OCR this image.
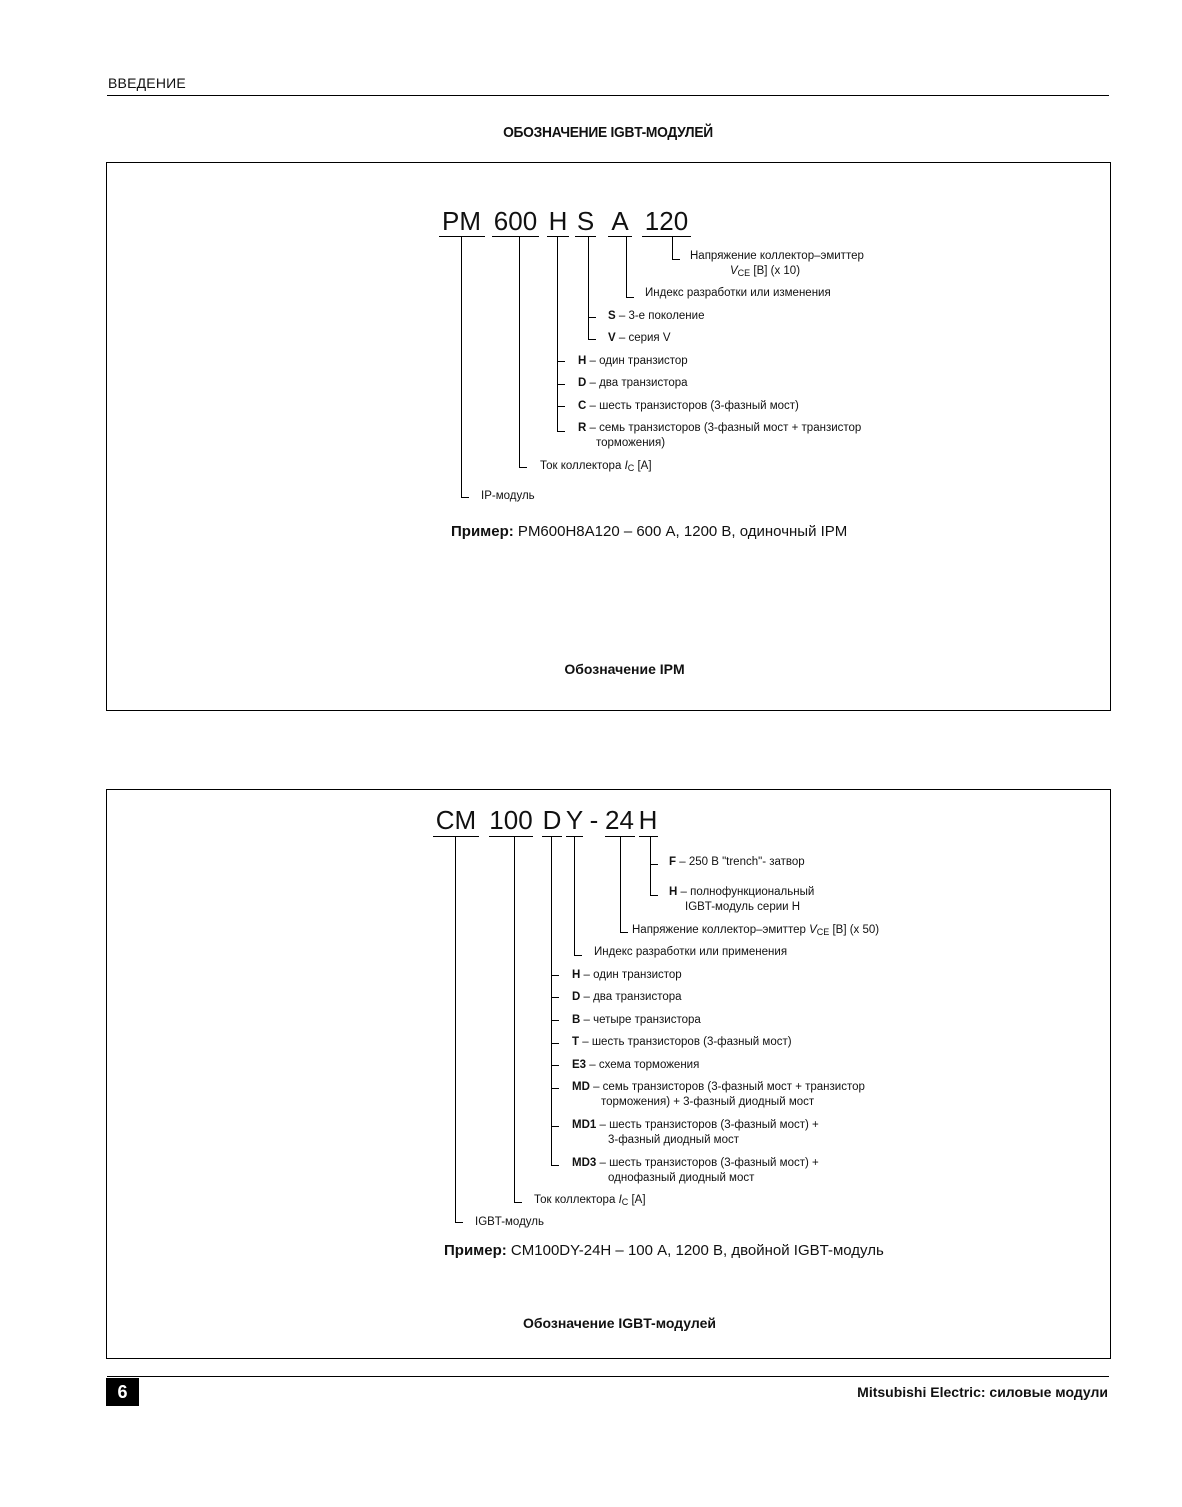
ВВЕДЕНИЕ
ОБОЗНАЧЕНИЕ IGBT-МОДУЛЕЙ
PM 600 H S A 120
Напряжение коллектор–эмиттер
$V_{CE}$ [В] (x 10)
Индекс разработки или изменения
S – 3-е поколение
V – серия V
H – один транзистор
D – два транзистора
C – шесть транзисторов (3-фазный мост)
R – семь транзисторов (3-фазный мост + транзистор
торможения)
Ток коллектора $I_C$ [A]
IP-модуль
Пример: PM600H8A120 – 600 А, 1200 В, одиночный IPM
Обозначение IPM
CM 100 D Y - 24 H
F – 250 В "trench"- затвор
H – полнофункциональный
IGBT-модуль серии H
Напряжение коллектор–эмиттер $V_{CE}$ [В] (x 50)
Индекс разработки или применения
H – один транзистор
D – два транзистора
B – четыре транзистора
T – шесть транзисторов (3-фазный мост)
E3 – схема торможения
MD – семь транзисторов (3-фазный мост + транзистор
торможения) + 3-фазный диодный мост
MD1 – шесть транзисторов (3-фазный мост) +
3-фазный диодный мост
MD3 – шесть транзисторов (3-фазный мост) +
однофазный диодный мост
Ток коллектора $I_C$ [A]
IGBT-модуль
Пример: CM100DY-24H – 100 А, 1200 В, двойной IGBT-модуль
Обозначение IGBT-модулей
6	Mitsubishi Electric: силовые модули
